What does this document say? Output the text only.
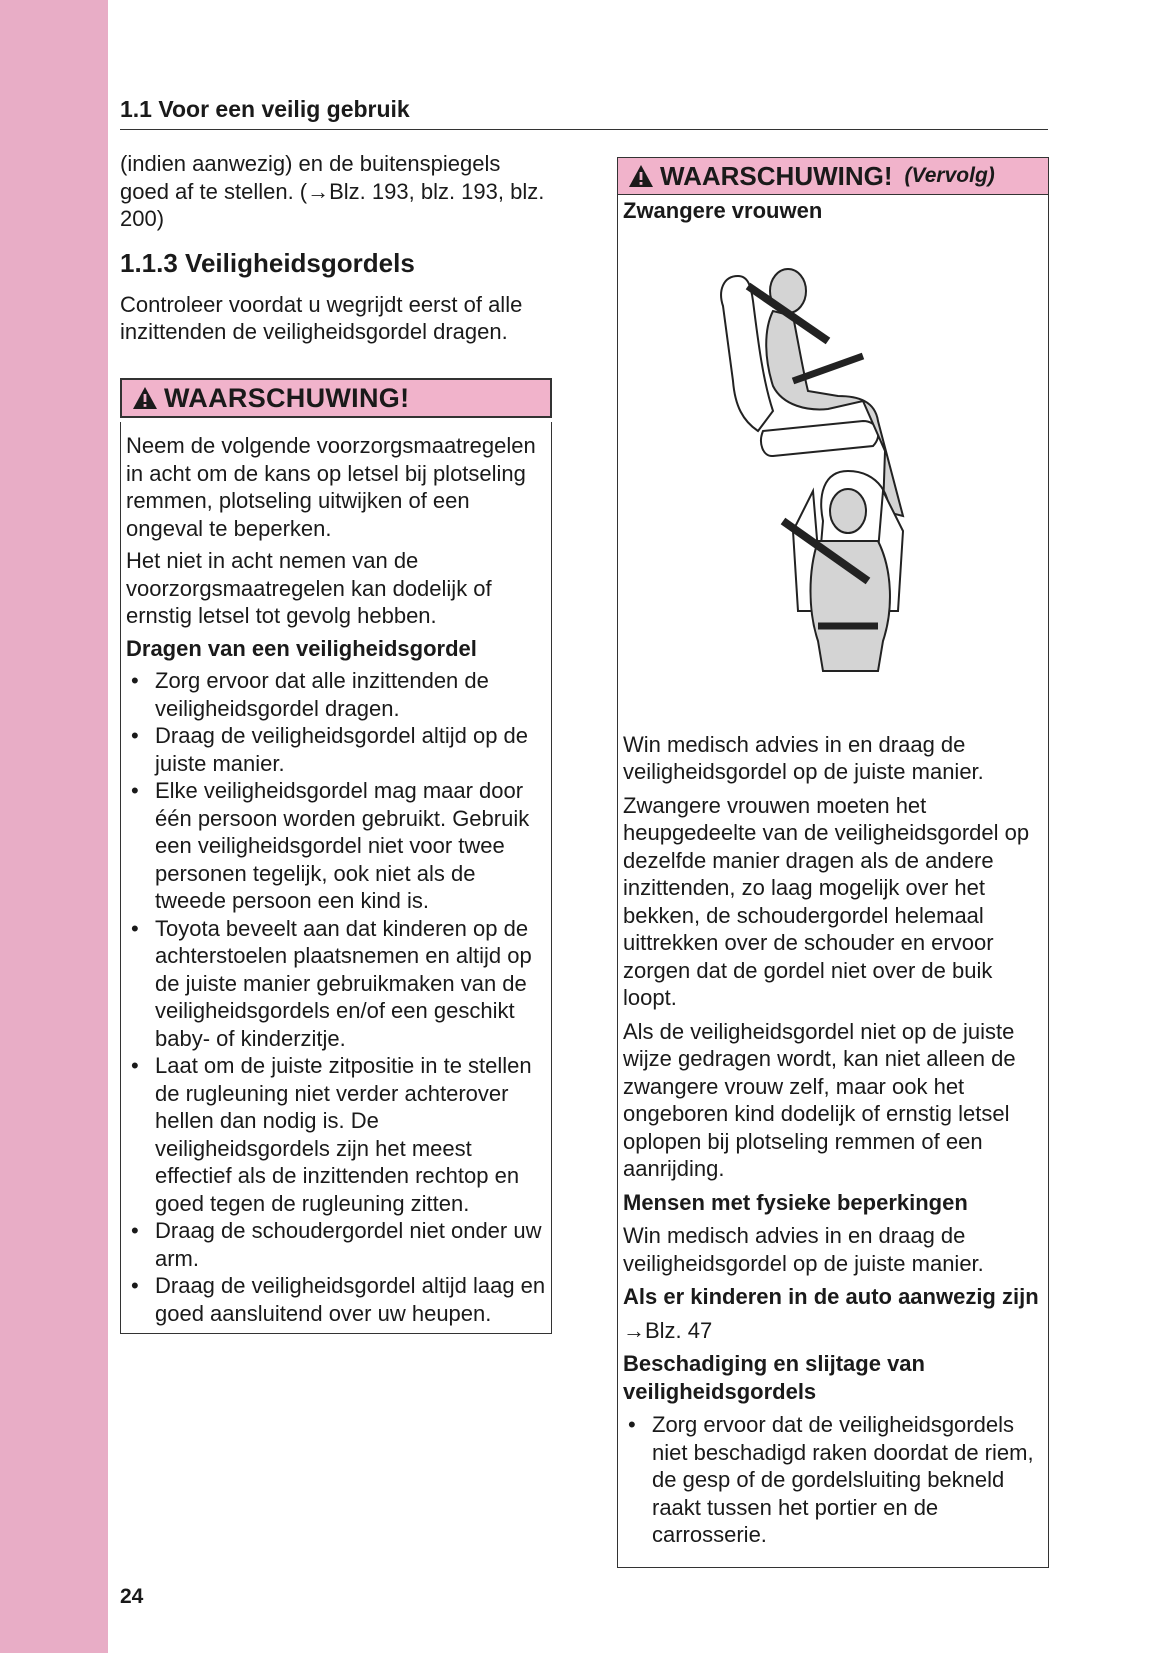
1.1 Voor een veilig gebruik

(indien aanwezig) en de buitenspiegels goed af te stellen. (→Blz. 193, blz. 193, blz. 200)

1.1.3 Veiligheidsgordels

Controleer voordat u wegrijdt eerst of alle inzittenden de veiligheidsgordel dragen.

WAARSCHUWING!

Neem de volgende voorzorgsmaatregelen in acht om de kans op letsel bij plotseling remmen, plotseling uitwijken of een ongeval te beperken.

Het niet in acht nemen van de voorzorgsmaatregelen kan dodelijk of ernstig letsel tot gevolg hebben.

Dragen van een veiligheidsgordel
• Zorg ervoor dat alle inzittenden de veiligheidsgordel dragen.
• Draag de veiligheidsgordel altijd op de juiste manier.
• Elke veiligheidsgordel mag maar door één persoon worden gebruikt. Gebruik een veiligheidsgordel niet voor twee personen tegelijk, ook niet als de tweede persoon een kind is.
• Toyota beveelt aan dat kinderen op de achterstoelen plaatsnemen en altijd op de juiste manier gebruikmaken van de veiligheidsgordels en/of een geschikt baby- of kinderzitje.
• Laat om de juiste zitpositie in te stellen de rugleuning niet verder achterover hellen dan nodig is. De veiligheidsgordels zijn het meest effectief als de inzittenden rechtop en goed tegen de rugleuning zitten.
• Draag de schoudergordel niet onder uw arm.
• Draag de veiligheidsgordel altijd laag en goed aansluitend over uw heupen.
WAARSCHUWING! (Vervolg)
Zwangere vrouwen

Win medisch advies in en draag de veiligheidsgordel op de juiste manier.

Zwangere vrouwen moeten het heupgedeelte van de veiligheidsgordel op dezelfde manier dragen als de andere inzittenden, zo laag mogelijk over het bekken, de schoudergordel helemaal uittrekken over de schouder en ervoor zorgen dat de gordel niet over de buik loopt.

Als de veiligheidsgordel niet op de juiste wijze gedragen wordt, kan niet alleen de zwangere vrouw zelf, maar ook het ongeboren kind dodelijk of ernstig letsel oplopen bij plotseling remmen of een aanrijding.

Mensen met fysieke beperkingen

Win medisch advies in en draag de veiligheidsgordel op de juiste manier.

Als er kinderen in de auto aanwezig zijn

→Blz. 47

Beschadiging en slijtage van veiligheidsgordels
• Zorg ervoor dat de veiligheidsgordels niet beschadigd raken doordat de riem, de gesp of de gordelsluiting bekneld raakt tussen het portier en de carrosserie.
24
